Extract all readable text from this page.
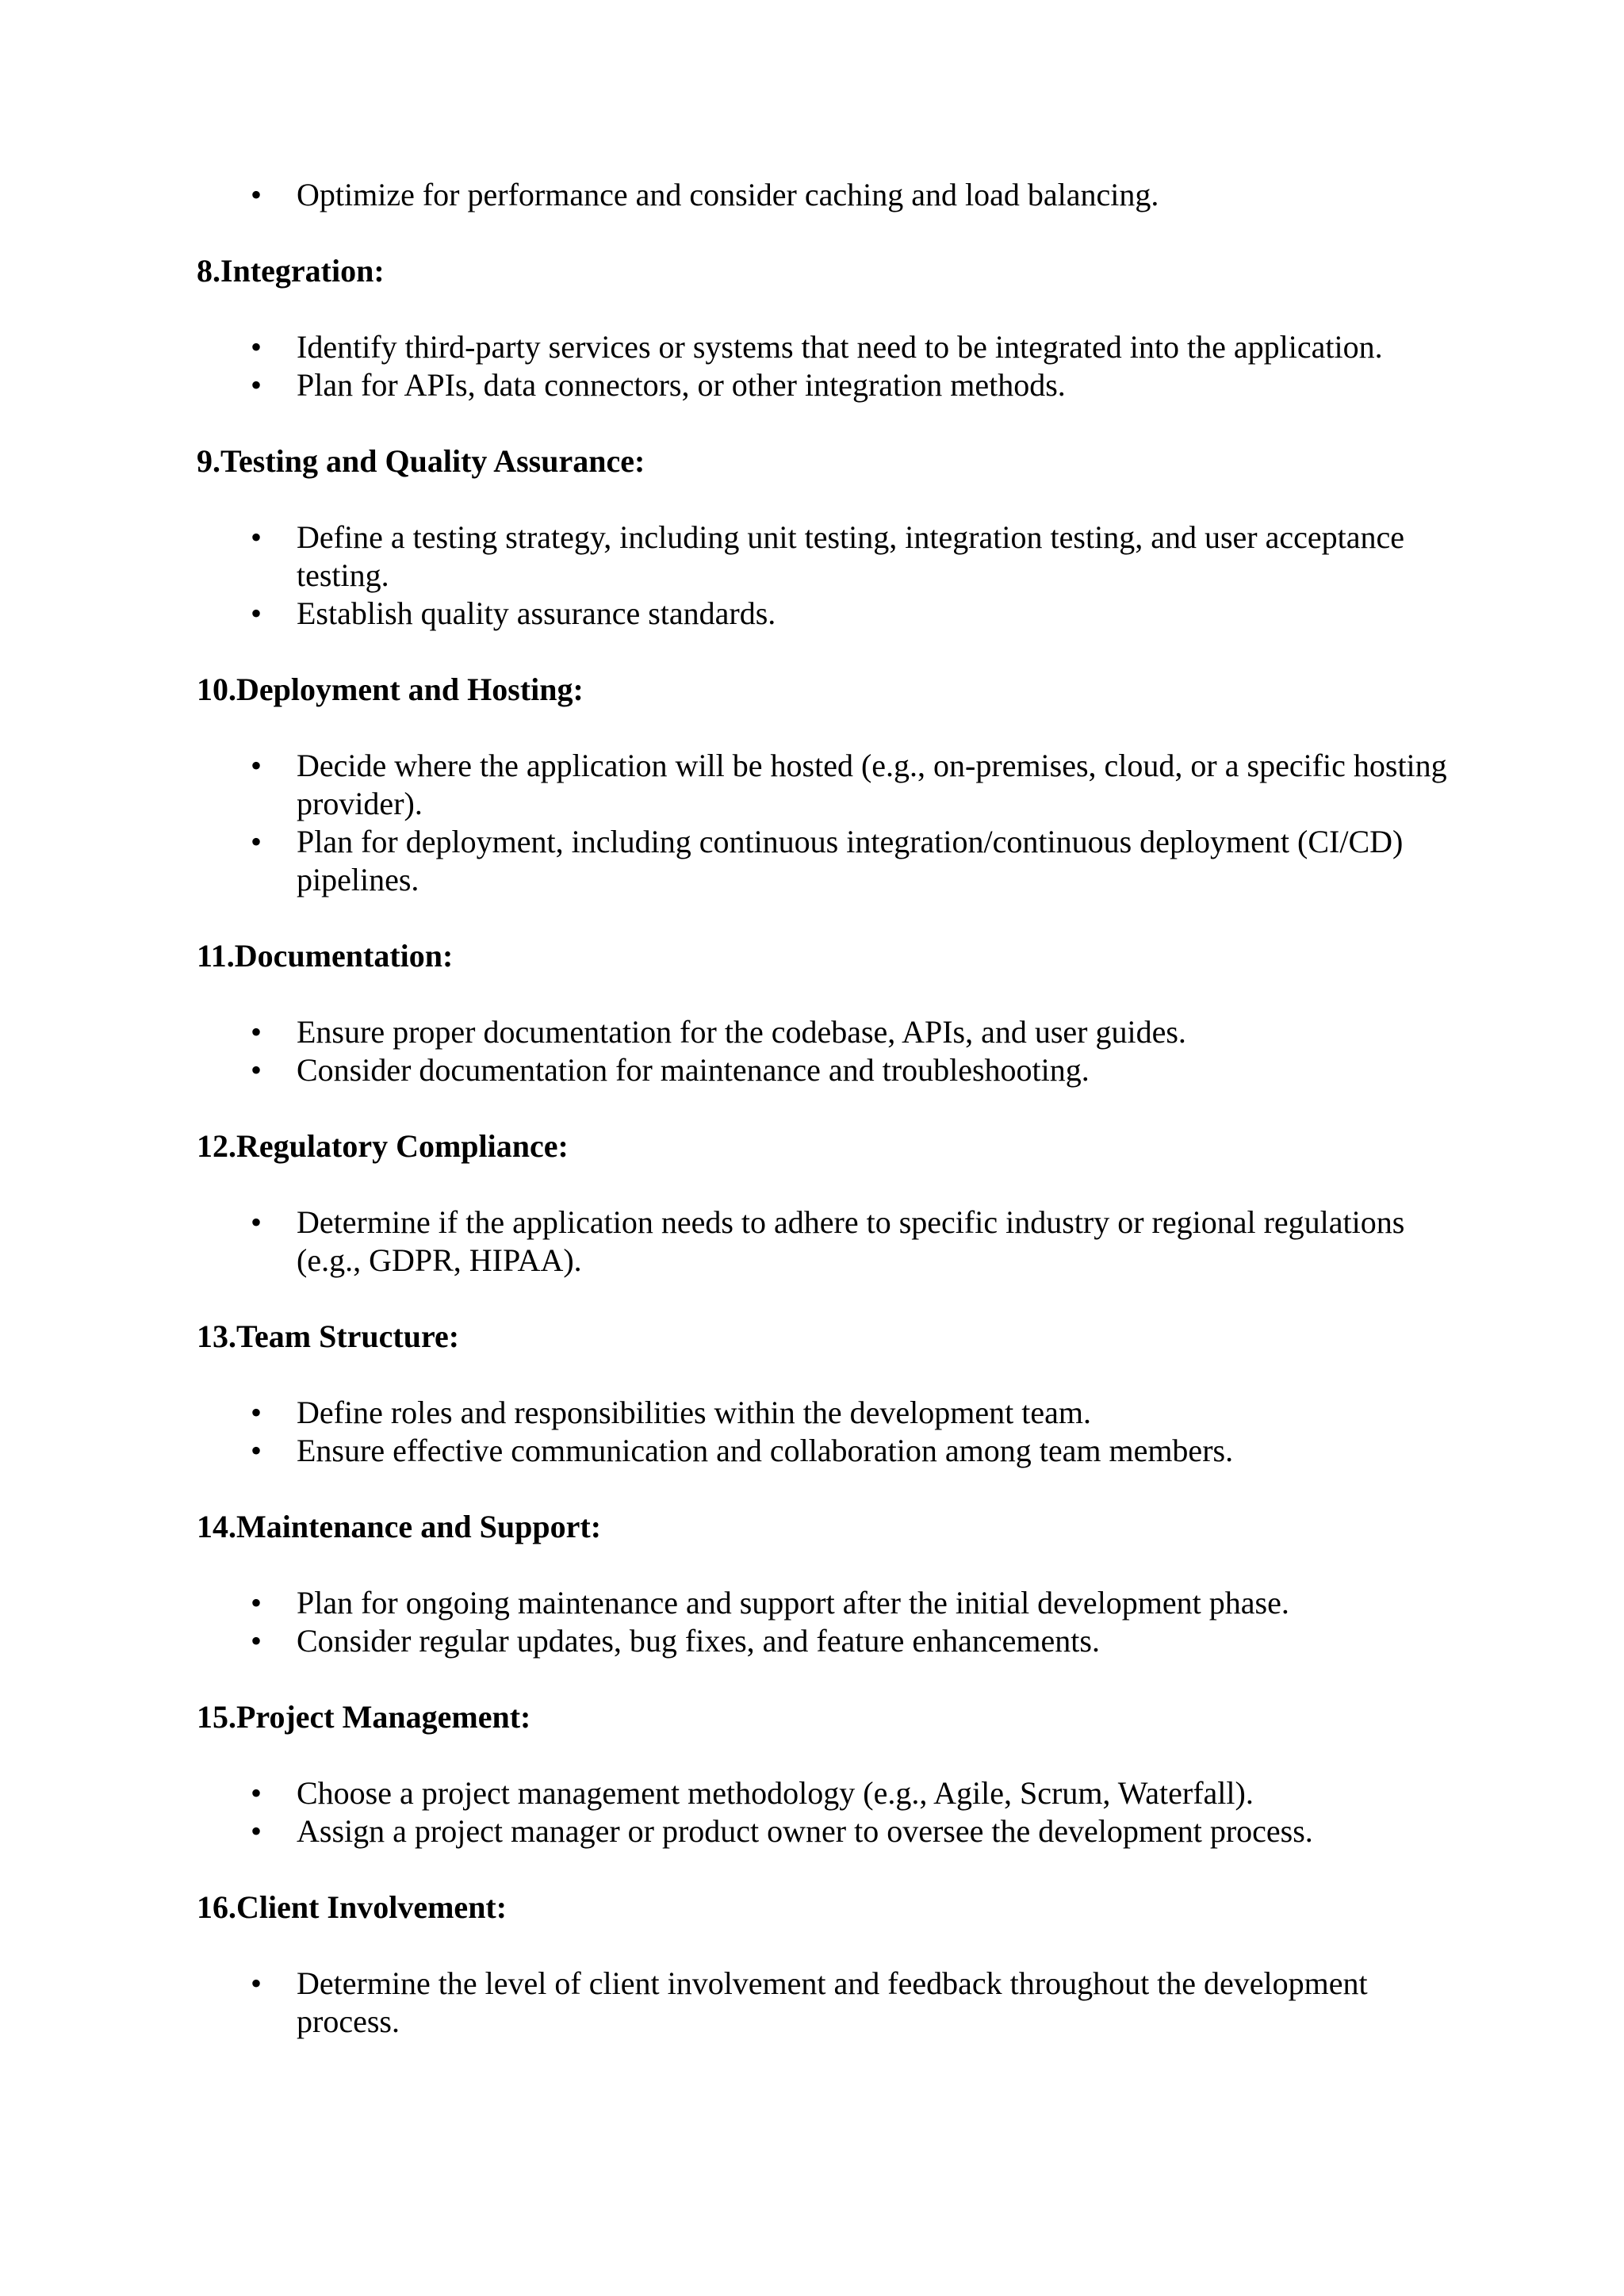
• Optimize for performance and consider caching and load balancing.
8.Integration:
• Identify third-party services or systems that need to be integrated into the application.
• Plan for APIs, data connectors, or other integration methods.
9.Testing and Quality Assurance:
• Define a testing strategy, including unit testing, integration testing, and user acceptance testing.
• Establish quality assurance standards.
10.Deployment and Hosting:
• Decide where the application will be hosted (e.g., on-premises, cloud, or a specific hosting provider).
• Plan for deployment, including continuous integration/continuous deployment (CI/CD) pipelines.
11.Documentation:
• Ensure proper documentation for the codebase, APIs, and user guides.
• Consider documentation for maintenance and troubleshooting.
12.Regulatory Compliance:
• Determine if the application needs to adhere to specific industry or regional regulations (e.g., GDPR, HIPAA).
13.Team Structure:
• Define roles and responsibilities within the development team.
• Ensure effective communication and collaboration among team members.
14.Maintenance and Support:
• Plan for ongoing maintenance and support after the initial development phase.
• Consider regular updates, bug fixes, and feature enhancements.
15.Project Management:
• Choose a project management methodology (e.g., Agile, Scrum, Waterfall).
• Assign a project manager or product owner to oversee the development process.
16.Client Involvement:
• Determine the level of client involvement and feedback throughout the development process.
